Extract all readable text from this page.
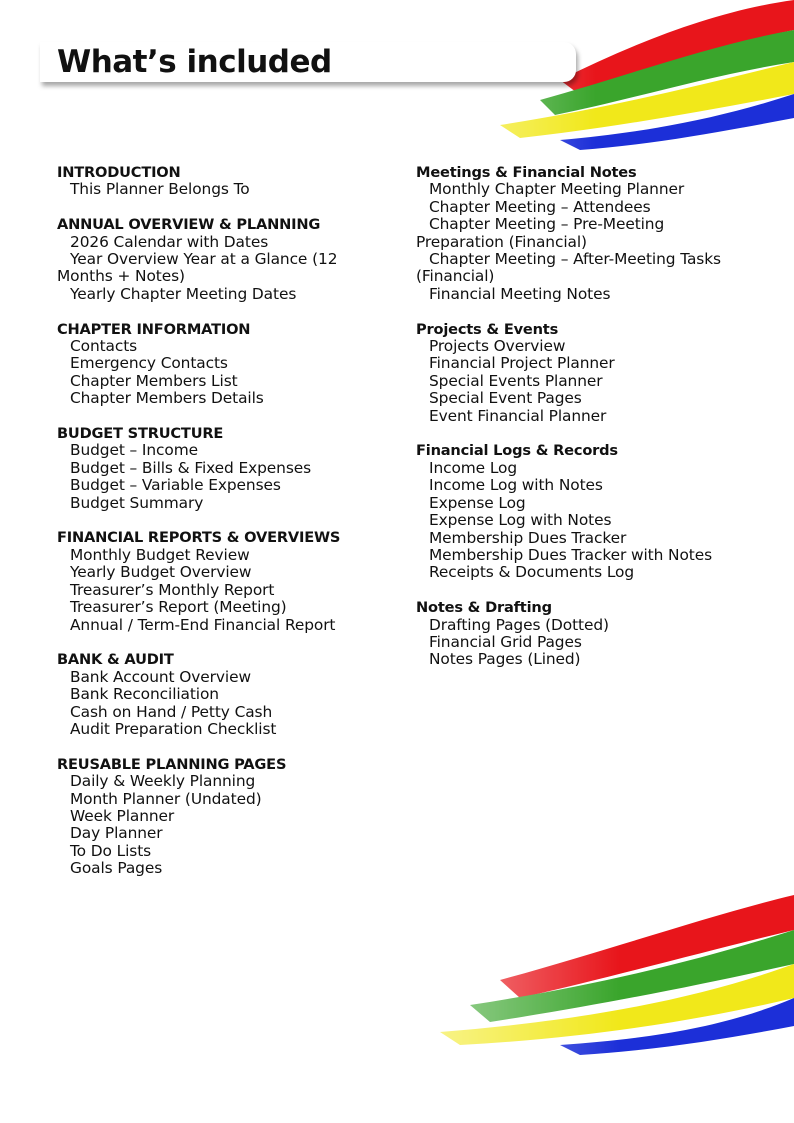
What’s included
INTRODUCTION
This Planner Belongs To
ANNUAL OVERVIEW & PLANNING
2026 Calendar with Dates
Year Overview Year at a Glance (12 Months + Notes)
Yearly Chapter Meeting Dates
CHAPTER INFORMATION
Contacts
Emergency Contacts
Chapter Members List
Chapter Members Details
BUDGET STRUCTURE
Budget – Income
Budget – Bills & Fixed Expenses
Budget – Variable Expenses
Budget Summary
FINANCIAL REPORTS & OVERVIEWS
Monthly Budget Review
Yearly Budget Overview
Treasurer’s Monthly Report
Treasurer’s Report (Meeting)
Annual / Term-End Financial Report
BANK & AUDIT
Bank Account Overview
Bank Reconciliation
Cash on Hand / Petty Cash
Audit Preparation Checklist
REUSABLE PLANNING PAGES
Daily & Weekly Planning
Month Planner (Undated)
Week Planner
Day Planner
To Do Lists
Goals Pages
Meetings & Financial Notes
Monthly Chapter Meeting Planner
Chapter Meeting – Attendees
Chapter Meeting – Pre-Meeting Preparation (Financial)
Chapter Meeting – After-Meeting Tasks (Financial)
Financial Meeting Notes
Projects & Events
Projects Overview
Financial Project Planner
Special Events Planner
Special Event Pages
Event Financial Planner
Financial Logs & Records
Income Log
Income Log with Notes
Expense Log
Expense Log with Notes
Membership Dues Tracker
Membership Dues Tracker with Notes
Receipts & Documents Log
Notes & Drafting
Drafting Pages (Dotted)
Financial Grid Pages
Notes Pages (Lined)
